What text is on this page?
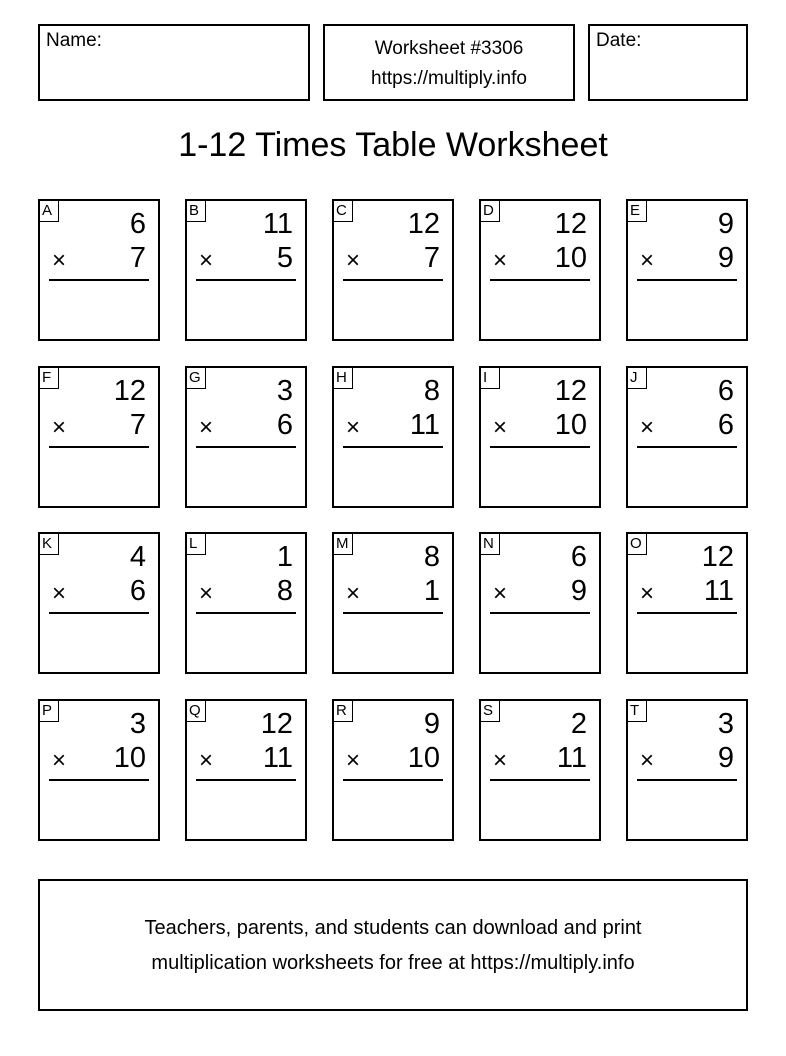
Name:	Worksheet #3306
https://multiply.info
Date:
1-12 Times Table Worksheet
A	6
× 7
B 11
× 5
C 12
× 7
D 12
× 10
E	9
× 9
F 12
× 7
G	3
× 6
H	8
× 11
I	12
× 10
J	6
× 6
K	4
× 6
L	1
× 8
M	8
× 1
N	6
× 9
O 12
× 11
P	3
× 10
Q 12
× 11
R	9
× 10
S	2
× 11
T	3
× 9
Teachers, parents, and students can download and print
multiplication worksheets for free at https://multiply.info
